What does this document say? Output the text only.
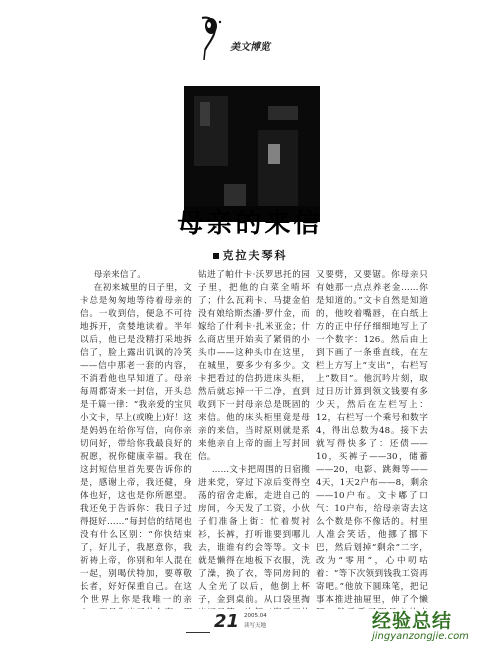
美文博览
母亲的来信
克拉夫琴科

母亲来信了。

在初来城里的日子里，文卡总是匆匆地等待着母亲的信。一收到信，便急不可待地拆开，贪婪地读着。半年以后，他已是没精打采地拆信了，脸上露出讥讽的冷笑——信中那老一套的内容，不消看他也早知道了。母亲每周都寄来一封信，开头总是千篇一律：“我亲爱的宝贝小文卡，早上(或晚上)好！这是妈妈在给你写信，向你亲切问好，带给你我最良好的祝愿，祝你健康幸福。我在这封短信里首先要告诉你的是，感谢上帝，我还健，身体也好，这也是你所愿望。我还免于告诉你：我日子过得挺好……”每封信的结尾也没有什么区别：“你快结束了，好儿子，我愿意你，我祈祷上帝，你别和年人混在一起，别喝伏特加，要尊敬长者，好好保重自己。在这个世界上你是我唯一的亲

钻进了帕什卡·沃罗思托的园子里，把他的白菜全啃坏了；什么瓦莉卡、马捷金伯没有娘给斯杰潘·罗什金，而嫁给了什利卡·扎米亚金；什么商店里开始卖了紧俏的小头巾——这种头巾在这里，在城里，要多少有多少。文卡把看过的信扔进床头柜，然后就忘掉一干二净，直到收到下一封母亲总是既固的来信。他的床头柜里竟是母亲的来信，当时原则就是系来他亲自上帝的面上写封回信。

……文卡把周围的日宿搬进来党，穿过下凉后变得空荡的宿舍走廊，走进自己的房间，今天发了工资，小伙子们准备上街：忙着熨衬衫，长裤，打听谁要到哪儿去，谁谁有约会等等。文卡就是懒得在地板下衣服，洗了澡，换了衣，等同房间的人全光了以后，他倒上杯子，金到桌前。从口袋里掏

又要劈，又要锯。你母亲只有她那一点点养老金……你是知道的。”文卡自然是知道的，他咬着嘴唇，在白纸上方的正中仔仔细细地写上了一个数字：126。然后由上到下画了一条垂直线，在左栏上方写上“支出”，右栏写上“数目”。他沉吟片刻，取过日历计算到领文钱要有多少天，然后在左栏写上：12，右栏写一个乘号和数字4，得出总数为48。接下去就写得快多了：还债——10，买裤子——30，储蓄——20，电影、跳舞等——4天，1天2户布——8，剩余——10户布。文卡嘟了口气：10户布，给母亲寄去这么个数是你不像话的。村里人准会笑话，他挪了挪下巴，然后划掉“剩余”二字，改为“零用”，心中叨咕着：“等下次领到钱我工资再寄吧。”他放下圆珠笔，把记事本推进抽屉里，伸了个懒

21 2005.04
读写天地	经验总结
jingyanzongjie.com
